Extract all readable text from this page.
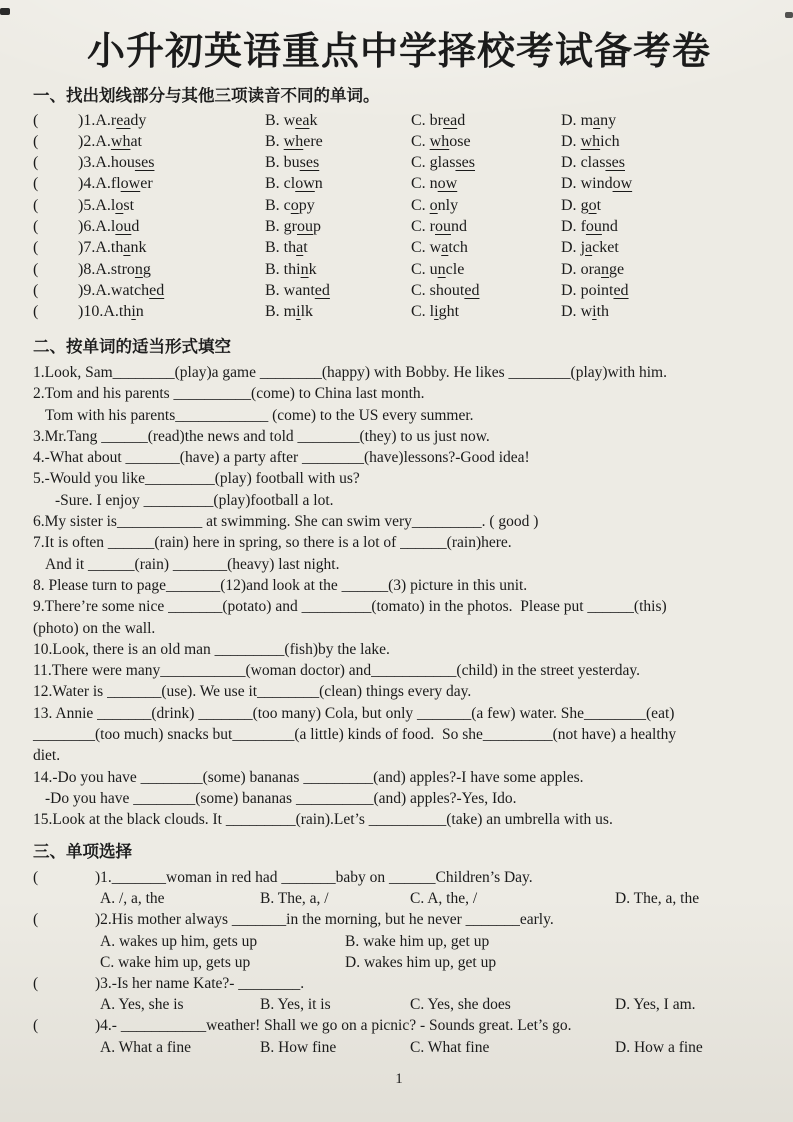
小升初英语重点中学择校考试备考卷
一、找出划线部分与其他三项读音不同的单词。
(	)1.A.ready	B. weak	C. bread	D. many
(	)2.A.what	B. where	C. whose	D. which
(	)3.A.houses	B. buses	C. glasses	D. classes
(	)4.A.flower	B. clown	C. now	D. window
(	)5.A.lost	B. copy	C. only	D. got
(	)6.A.loud	B. group	C. round	D. found
(	)7.A.thank	B. that	C. watch	D. jacket
(	)8.A.strong	B. think	C. uncle	D. orange
(	)9.A.watched	B. wanted	C. shouted	D. pointed
(	)10.A.thin	B. milk	C. light	D. with
二、按单词的适当形式填空
1.Look, Sam________(play)a game ________(happy) with Bobby. He likes ________(play)with him.
2.Tom and his parents __________(come) to China last month.
Tom with his parents____________ (come) to the US every summer.
3.Mr.Tang ______(read)the news and told ________(they) to us just now.
4.-What about _______(have) a party after ________(have)lessons?-Good idea!
5.-Would you like_________(play) football with us?
-Sure. I enjoy _________(play)football a lot.
6.My sister is___________ at swimming. She can swim very_________. ( good )
7.It is often ______(rain) here in spring, so there is a lot of ______(rain)here.
And it ______(rain) _______(heavy) last night.
8. Please turn to page_______(12)and look at the ______(3) picture in this unit.
9.There’re some nice _______(potato) and _________(tomato) in the photos.  Please put ______(this)
(photo) on the wall.
10.Look, there is an old man _________(fish)by the lake.
11.There were many___________(woman doctor) and___________(child) in the street yesterday.
12.Water is _______(use). We use it________(clean) things every day.
13. Annie _______(drink) _______(too many) Cola, but only _______(a few) water. She________(eat)
________(too much) snacks but________(a little) kinds of food.  So she_________(not have) a healthy
diet.
14.-Do you have ________(some) bananas _________(and) apples?-I have some apples.
-Do you have ________(some) bananas __________(and) apples?-Yes, Ido.
15.Look at the black clouds. It _________(rain).Let’s __________(take) an umbrella with us.
三、单项选择
(	)1._______woman in red had _______baby on ______Children’s Day.
A. /, a, the	B. The, a, /	C. A, the, /	D. The, a, the
(	)2.His mother always _______in the morning, but he never _______early.
A. wakes up him, gets up	B. wake him up, get up
C. wake him up, gets up	D. wakes him up, get up
(	)3.-Is her name Kate?- ________.
A. Yes, she is	B. Yes, it is	C. Yes, she does	D. Yes, I am.
(	)4.- ___________weather! Shall we go on a picnic? - Sounds great. Let’s go.
A. What a fine	B. How fine	C. What fine	D. How a fine
1
